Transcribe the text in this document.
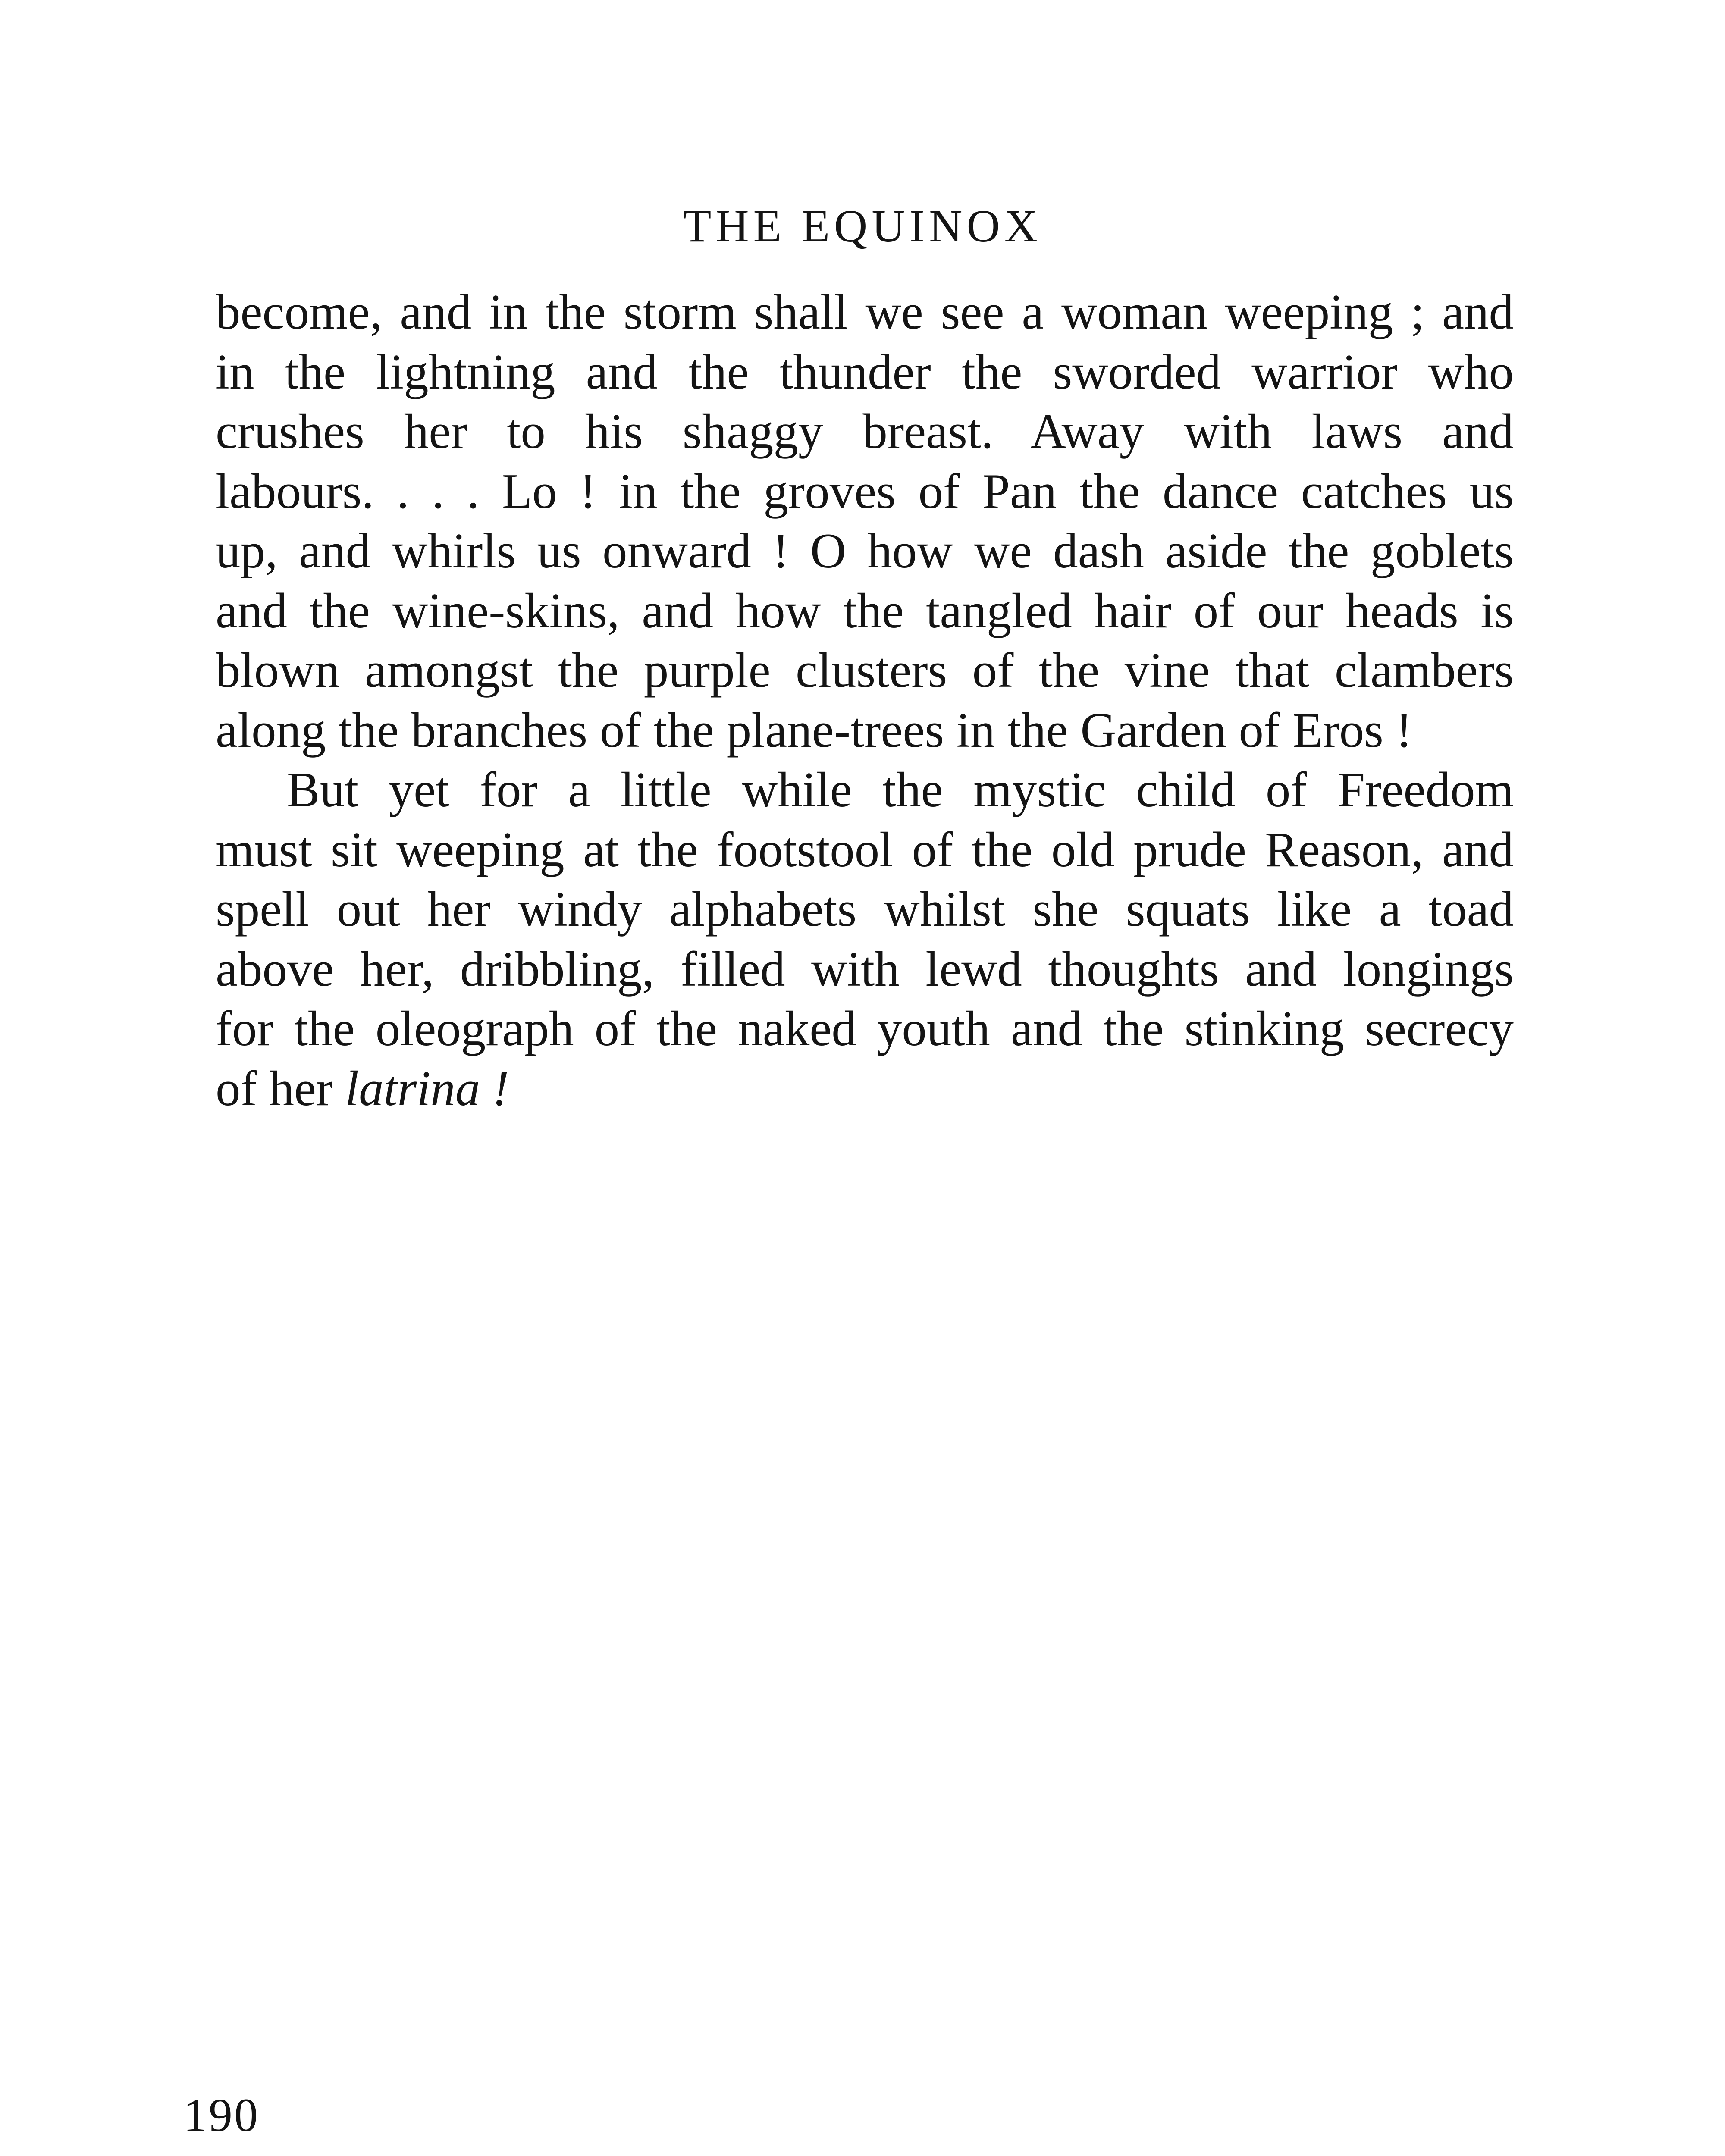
THE EQUINOX
become, and in the storm shall we see a woman weeping ; and
in the lightning and the thunder the sworded warrior who
crushes her to his shaggy breast. Away with laws and
labours. . . . Lo ! in the groves of Pan the dance catches us
up, and whirls us onward ! O how we dash aside the goblets
and the wine-skins, and how the tangled hair of our heads is
blown amongst the purple clusters of the vine that clambers
along the branches of the plane-trees in the Garden of Eros !
But yet for a little while the mystic child of Freedom
must sit weeping at the footstool of the old prude Reason, and
spell out her windy alphabets whilst she squats like a toad
above her, dribbling, filled with lewd thoughts and longings
for the oleograph of the naked youth and the stinking secrecy
of her latrina !
190
